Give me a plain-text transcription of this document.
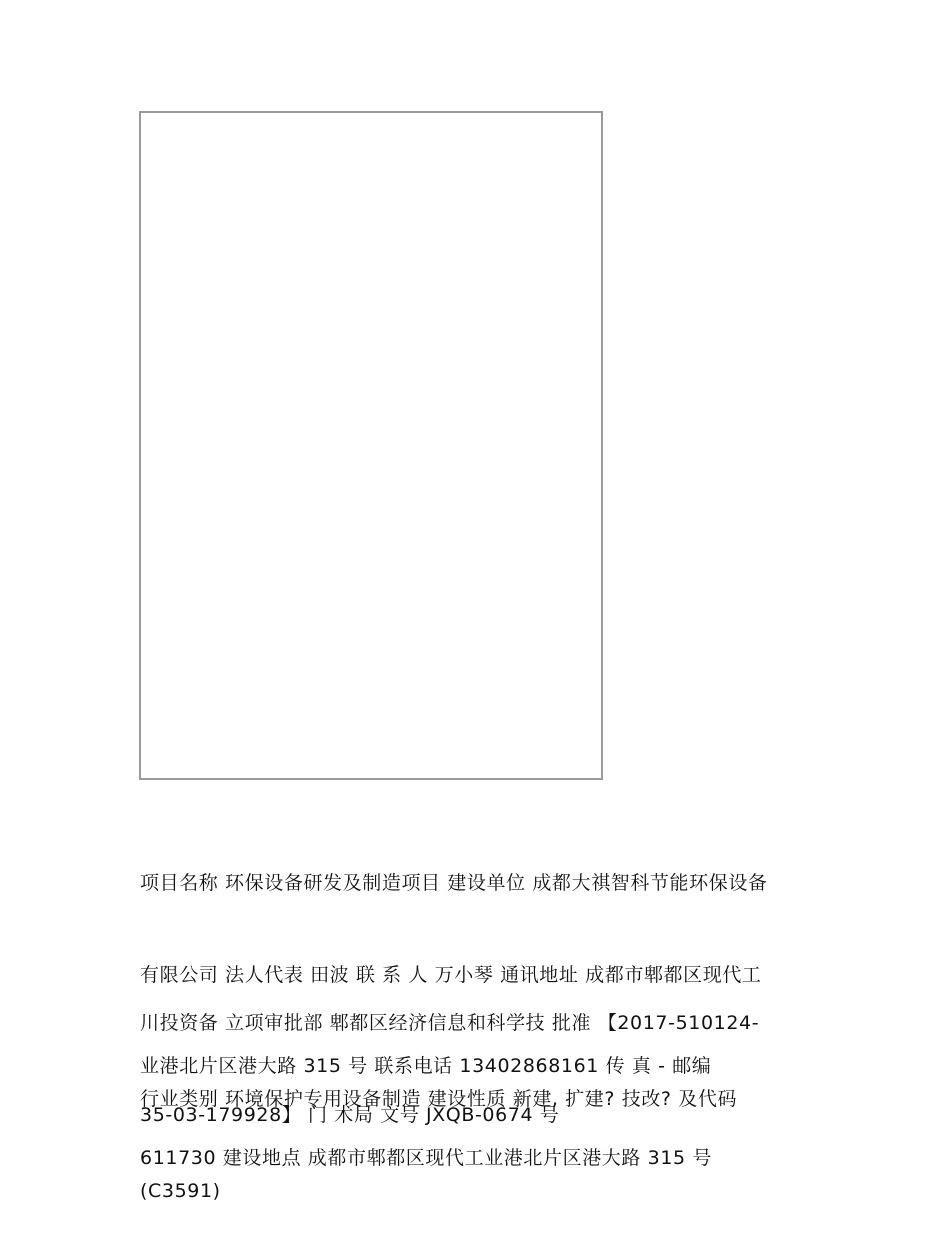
项目名称 环保设备研发及制造项目 建设单位 成都大祺智科节能环保设备

有限公司 法人代表 田波 联 系 人 万小琴 通讯地址 成都市郫都区现代工

业港北片区港大路 315 号 联系电话 13402868161 传 真 - 邮编

611730 建设地点 成都市郫都区现代工业港北片区港大路 315 号

川投资备 立项审批部 郫都区经济信息和科学技 批准 【2017-510124-

35-03-179928】 门 术局 文号 JXQB-0674 号

行业类别 环境保护专用设备制造 建设性质 新建, 扩建? 技改? 及代码

(C3591)
